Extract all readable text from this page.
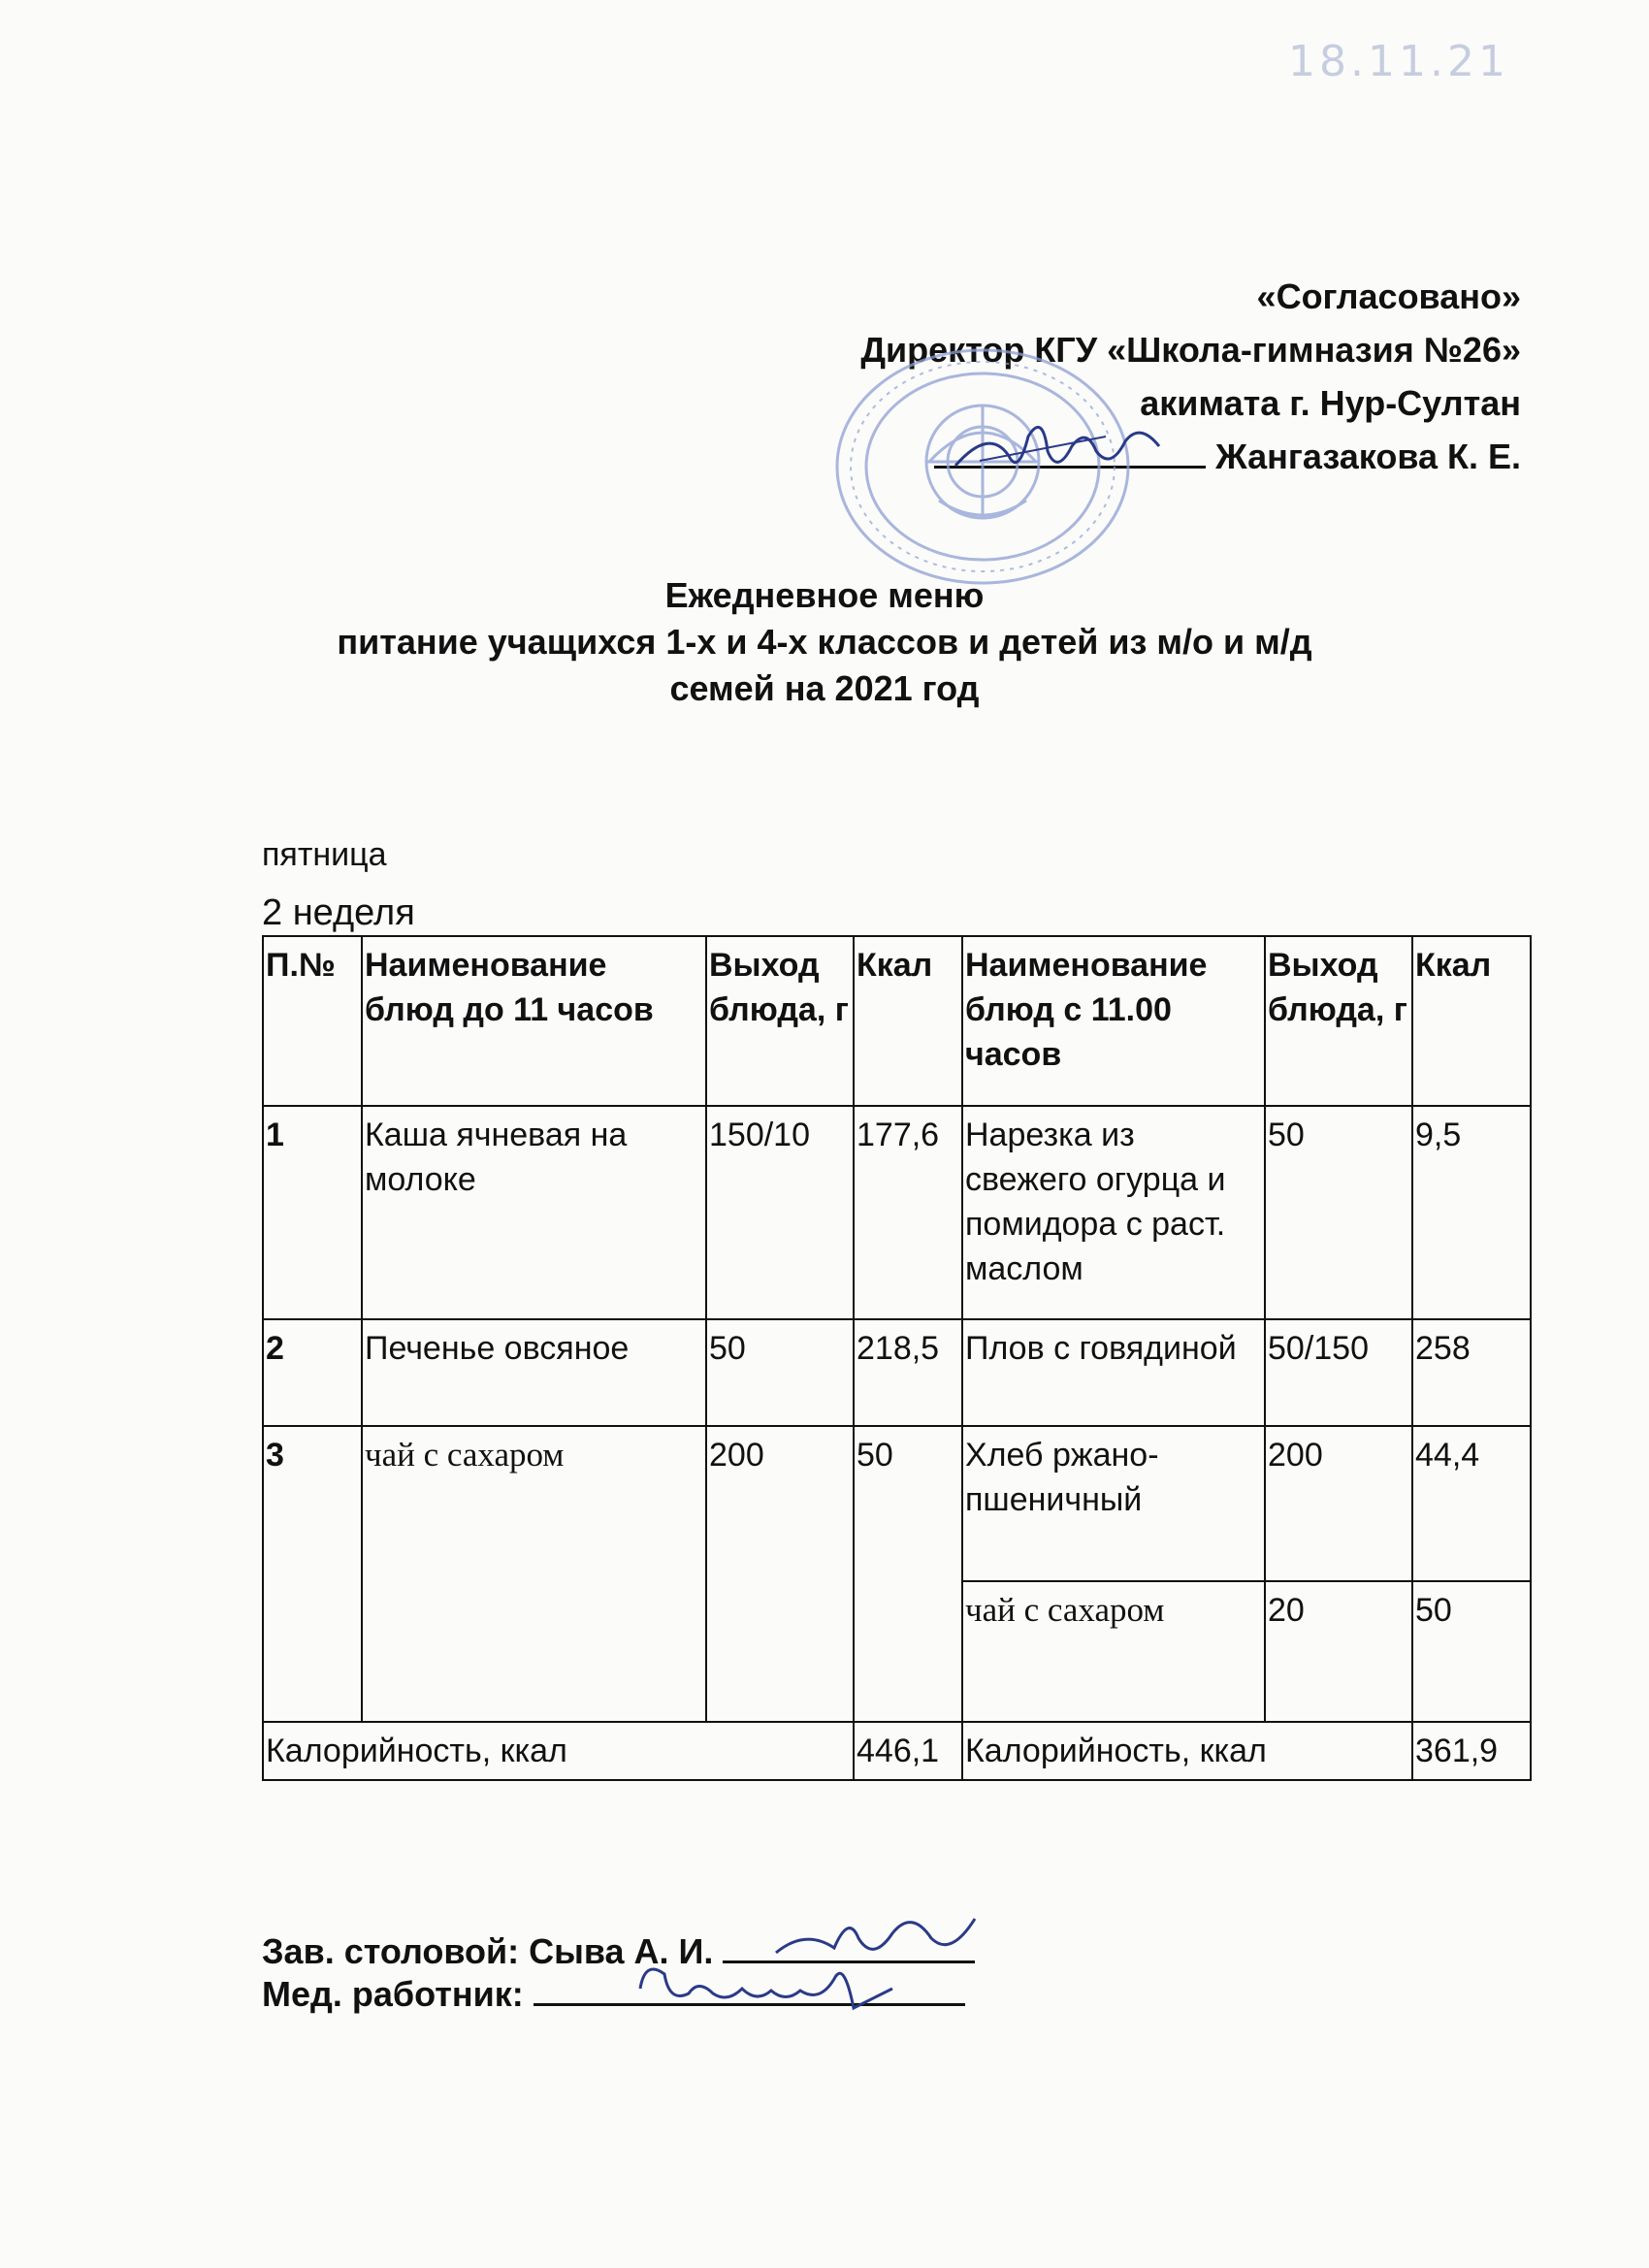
18.11.21
«Согласовано»
Директор КГУ «Школа-гимназия №26»
акимата г. Нур-Султан
Жангазакова К. Е.
Ежедневное меню
питание учащихся 1-х и 4-х классов и детей из м/о и м/д
семей на 2021 год
пятница
2 неделя
П.№	Наименование блюд до 11 часов	Выход блюда, г	Ккал	Наименование блюд с 11.00 часов	Выход блюда, г	Ккал
1	Каша ячневая на молоке	150/10	177,6	Нарезка из свежего огурца и помидора с раст. маслом	50	9,5
2	Печенье овсяное	50	218,5	Плов с говядиной	50/150	258
3	чай с сахаром	200	50	Хлеб ржано-пшеничный	200	44,4
				чай с сахаром	20	50
Калорийность, ккал			446,1	Калорийность, ккал		361,9
Зав. столовой: Сыва А. И.
Мед. работник:
